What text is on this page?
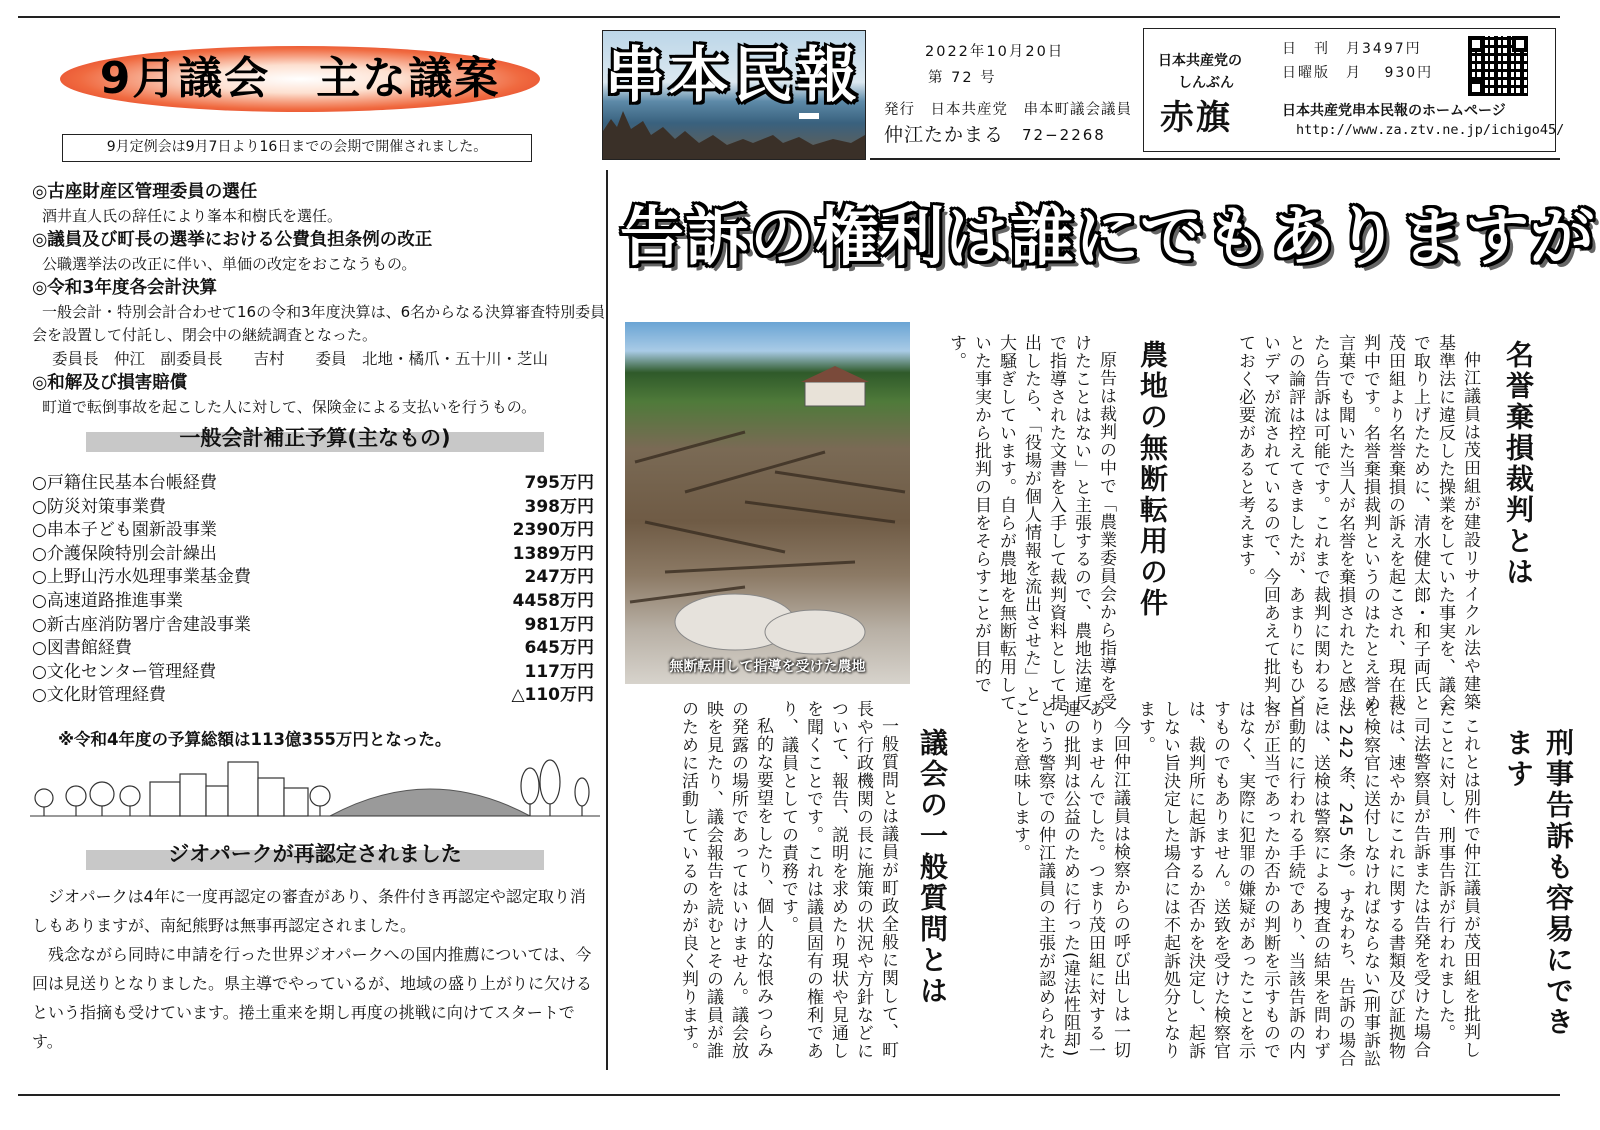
9月議会　主な議案
9月定例会は9月7日より16日までの会期で開催されました。

◎古座財産区管理委員の選任

酒井直人氏の辞任により峯本和樹氏を選任。

◎議員及び町長の選挙における公費負担条例の改正

公職選挙法の改正に伴い、単価の改定をおこなうもの。

◎令和3年度各会計決算

一般会計・特別会計合わせて16の令和3年度決算は、6名からなる決算審査特別委員会を設置して付託し、閉会中の継続調査となった。

委員長　仲江　副委員長　　吉村　　委員　北地・橘爪・五十川・芝山

◎和解及び損害賠償

町道で転倒事故を起こした人に対して、保険金による支払いを行うもの。

一般会計補正予算(主なもの)
○戸籍住民基本台帳経費	795万円
○防災対策事業費	398万円
○串本子ども園新設事業	2390万円
○介護保険特別会計繰出	1389万円
○上野山汚水処理事業基金費	247万円
○高速道路推進事業	4458万円
○新古座消防署庁舎建設事業	981万円
○図書館経費	645万円
○文化センター管理経費	117万円
○文化財管理経費	△110万円
※令和4年度の予算総額は113億355万円となった。
ジオパークが再認定されました

ジオパークは4年に一度再認定の審査があり、条件付き再認定や認定取り消しもありますが、南紀熊野は無事再認定されました。

残念ながら同時に申請を行った世界ジオパークへの国内推薦については、今回は見送りとなりました。県主導でやっているが、地域の盛り上がりに欠けるという指摘も受けています。捲土重来を期し再度の挑戦に向けてスタートです。

串本民報	2022年10月20日
第 72 号
発行　日本共産党　串本町議会議員
仲江たかまる 72−2268
日本共産党の
しんぶん
赤旗
日　刊　月3497円
日曜版　月　 930円
日本共産党串本民報のホームページ
http://www.za.ztv.ne.jp/ichigo45/
告訴の権利は誰にでもありますが
名誉棄損裁判とは

仲江議員は茂田組が建設リサイクル法や建築基準法に違反した操業をしていた事実を、議会で取り上げたために、清水健太郎・和子両氏と茂田組より名誉棄損の訴えを起こされ、現在裁判中です。名誉棄損裁判というのはたとえ誉め言葉でも聞いた当人が名誉を棄損されたと感じたら告訴は可能です。これまで裁判に関わることの論評は控えてきましたが、あまりにもひどいデマが流されているので、今回あえて批判しておく必要があると考えます。

農地の無断転用の件

原告は裁判の中で「農業委員会から指導を受けたことはない」と主張するので、農地法違反で指導された文書を入手して裁判資料として提出したら、「役場が個人情報を流出させた」と大騒ぎしています。自らが農地を無断転用していた事実から批判の目をそらすことが目的です。

無断転用して指導を受けた農地
刑事告訴も容易にできます

これとは別件で仲江議員が茂田組を批判したことに対し、刑事告訴が行われました。

司法警察員が告訴または告発を受けた場合には、速やかにこれに関する書類及び証拠物を検察官に送付しなければならない(刑事訴訟法 242 条、245 条)。すなわち、告訴の場合には、送検は警察による捜査の結果を問わず自動的に行われる手続であり、当該告訴の内容が正当であったか否かの判断を示すものではなく、実際に犯罪の嫌疑があったことを示すものでもありません。送致を受けた検察官は、裁判所に起訴するか否かを決定し、起訴しない旨決定した場合には不起訴処分となります。

今回仲江議員は検察からの呼び出しは一切ありませんでした。つまり茂田組に対する一連の批判は公益のために行った(違法性阻却)という警察での仲江議員の主張が認められたことを意味します。

議会の一般質問とは

一般質問とは議員が町政全般に関して、町長や行政機関の長に施策の状況や方針などについて、報告、説明を求めたり現状や見通しを聞くことです。これは議員固有の権利であり、議員としての責務です。

私的な要望をしたり、個人的な恨みつらみの発露の場所であってはいけません。議会放映を見たり、議会報告を読むとその議員が誰のために活動しているのかが良く判ります。
